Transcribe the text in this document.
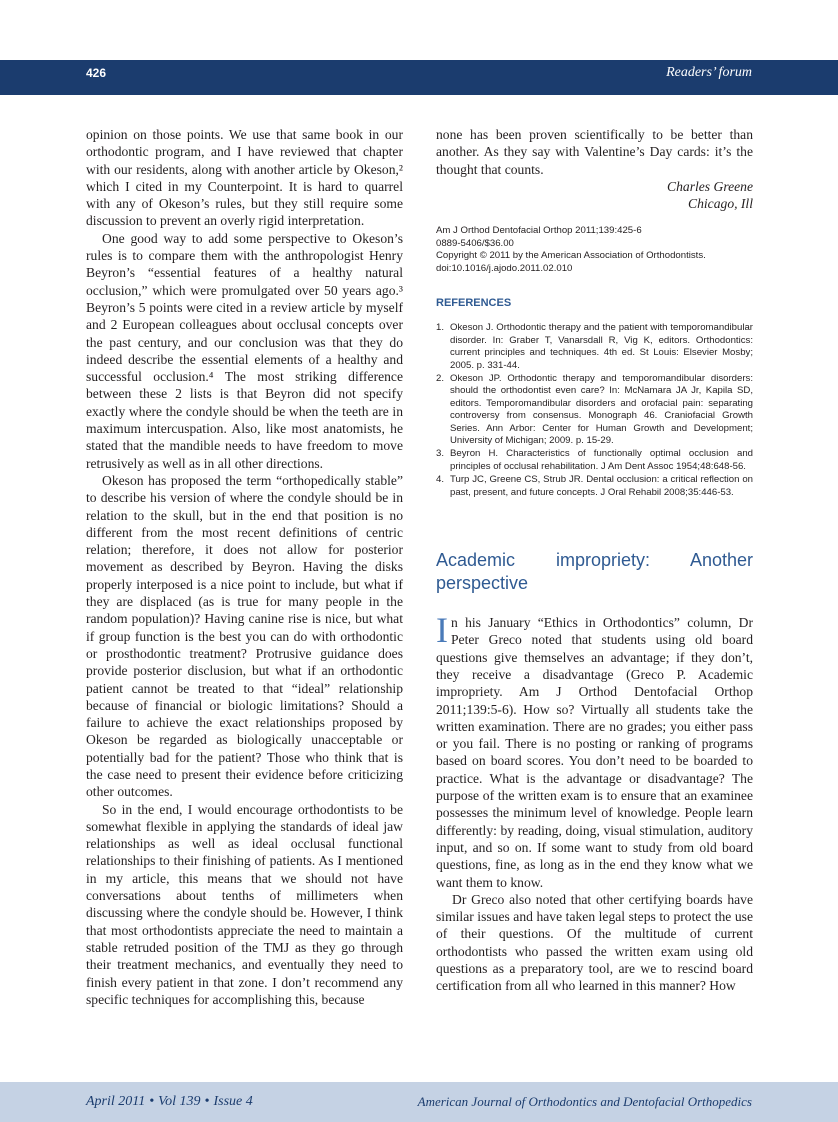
426	Readers’ forum

opinion on those points. We use that same book in our orthodontic program, and I have reviewed that chapter with our residents, along with another article by Okeson,² which I cited in my Counterpoint. It is hard to quarrel with any of Okeson’s rules, but they still require some discussion to prevent an overly rigid interpretation.

One good way to add some perspective to Okeson’s rules is to compare them with the anthropologist Henry Beyron’s “essential features of a healthy natural occlusion,” which were promulgated over 50 years ago.³ Beyron’s 5 points were cited in a review article by myself and 2 European colleagues about occlusal concepts over the past century, and our conclusion was that they do indeed describe the essential elements of a healthy and successful occlusion.⁴ The most striking difference between these 2 lists is that Beyron did not specify exactly where the condyle should be when the teeth are in maximum intercuspation. Also, like most anatomists, he stated that the mandible needs to have freedom to move retrusively as well as in all other directions.

Okeson has proposed the term “orthopedically stable” to describe his version of where the condyle should be in relation to the skull, but in the end that position is no different from the most recent definitions of centric relation; therefore, it does not allow for posterior movement as described by Beyron. Having the disks properly interposed is a nice point to include, but what if they are displaced (as is true for many people in the random population)? Having canine rise is nice, but what if group function is the best you can do with orthodontic or prosthodontic treatment? Protrusive guidance does provide posterior disclusion, but what if an orthodontic patient cannot be treated to that “ideal” relationship because of financial or biologic limitations? Should a failure to achieve the exact relationships proposed by Okeson be regarded as biologically unacceptable or potentially bad for the patient? Those who think that is the case need to present their evidence before criticizing other outcomes.

So in the end, I would encourage orthodontists to be somewhat flexible in applying the standards of ideal jaw relationships as well as ideal occlusal functional relationships to their finishing of patients. As I mentioned in my article, this means that we should not have conversations about tenths of millimeters when discussing where the condyle should be. However, I think that most orthodontists appreciate the need to maintain a stable retruded position of the TMJ as they go through their treatment mechanics, and eventually they need to finish every patient in that zone. I don’t recommend any specific techniques for accomplishing this, because

none has been proven scientifically to be better than another. As they say with Valentine’s Day cards: it’s the thought that counts.

Charles Greene

Chicago, Ill

Am J Orthod Dentofacial Orthop 2011;139:425-6
0889-5406/$36.00
Copyright © 2011 by the American Association of Orthodontists.
doi:10.1016/j.ajodo.2011.02.010
REFERENCES
1. Okeson J. Orthodontic therapy and the patient with temporomandibular disorder. In: Graber T, Vanarsdall R, Vig K, editors. Orthodontics: current principles and techniques. 4th ed. St Louis: Elsevier Mosby; 2005. p. 331-44.
2. Okeson JP. Orthodontic therapy and temporomandibular disorders: should the orthodontist even care? In: McNamara JA Jr, Kapila SD, editors. Temporomandibular disorders and orofacial pain: separating controversy from consensus. Monograph 46. Craniofacial Growth Series. Ann Arbor: Center for Human Growth and Development; University of Michigan; 2009. p. 15-29.
3. Beyron H. Characteristics of functionally optimal occlusion and principles of occlusal rehabilitation. J Am Dent Assoc 1954;48:648-56.
4. Turp JC, Greene CS, Strub JR. Dental occlusion: a critical reflection on past, present, and future concepts. J Oral Rehabil 2008;35:446-53.
Academic impropriety: Another perspective

In his January “Ethics in Orthodontics” column, Dr Peter Greco noted that students using old board questions give themselves an advantage; if they don’t, they receive a disadvantage (Greco P. Academic impropriety. Am J Orthod Dentofacial Orthop 2011;139:5-6). How so? Virtually all students take the written examination. There are no grades; you either pass or you fail. There is no posting or ranking of programs based on board scores. You don’t need to be boarded to practice. What is the advantage or disadvantage? The purpose of the written exam is to ensure that an examinee possesses the minimum level of knowledge. People learn differently: by reading, doing, visual stimulation, auditory input, and so on. If some want to study from old board questions, fine, as long as in the end they know what we want them to know.

Dr Greco also noted that other certifying boards have similar issues and have taken legal steps to protect the use of their questions. Of the multitude of current orthodontists who passed the written exam using old questions as a preparatory tool, are we to rescind board certification from all who learned in this manner? How

April 2011 • Vol 139 • Issue 4	American Journal of Orthodontics and Dentofacial Orthopedics
